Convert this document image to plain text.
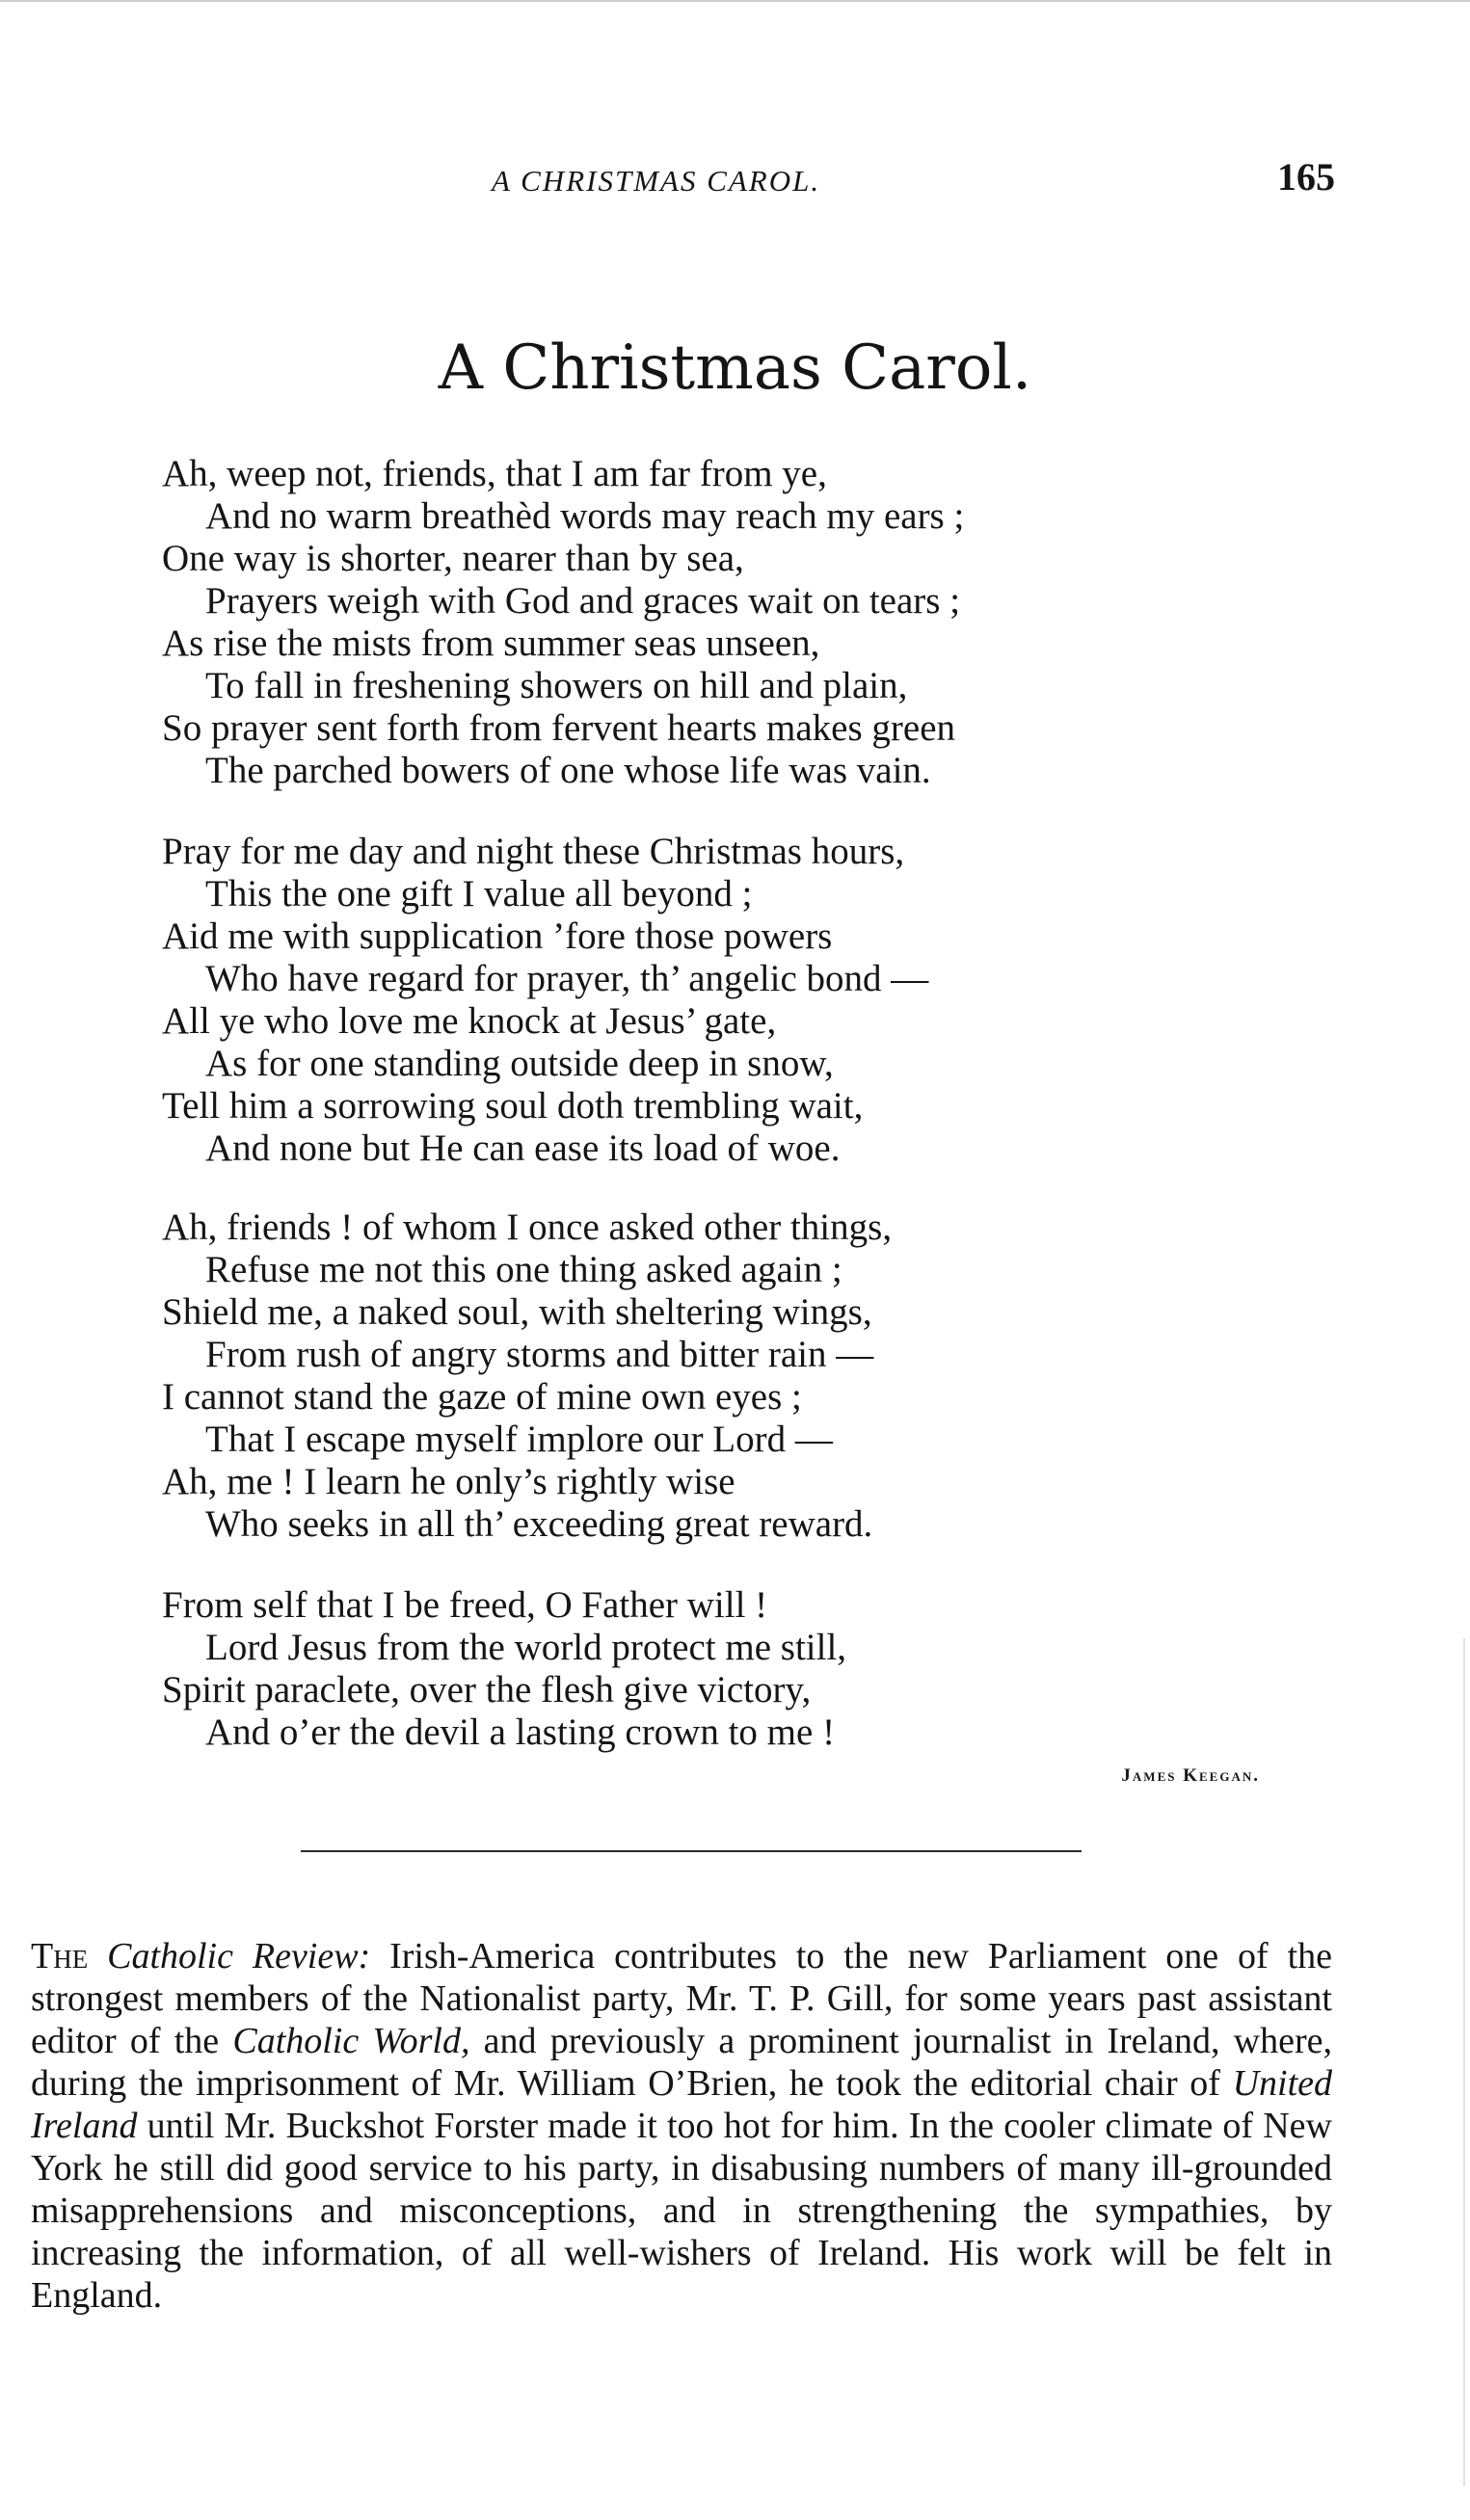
A CHRISTMAS CAROL.	165
A Christmas Carol.
Ah, weep not, friends, that I am far from ye,
And no warm breathèd words may reach my ears ;
One way is shorter, nearer than by sea,
Prayers weigh with God and graces wait on tears ;
As rise the mists from summer seas unseen,
To fall in freshening showers on hill and plain,
So prayer sent forth from fervent hearts makes green
The parched bowers of one whose life was vain.
Pray for me day and night these Christmas hours,
This the one gift I value all beyond ;
Aid me with supplication ’fore those powers
Who have regard for prayer, th’ angelic bond —
All ye who love me knock at Jesus’ gate,
As for one standing outside deep in snow,
Tell him a sorrowing soul doth trembling wait,
And none but He can ease its load of woe.
Ah, friends ! of whom I once asked other things,
Refuse me not this one thing asked again ;
Shield me, a naked soul, with sheltering wings,
From rush of angry storms and bitter rain —
I cannot stand the gaze of mine own eyes ;
That I escape myself implore our Lord —
Ah, me ! I learn he only’s rightly wise
Who seeks in all th’ exceeding great reward.
From self that I be freed, O Father will !
Lord Jesus from the world protect me still,
Spirit paraclete, over the flesh give victory,
And o’er the devil a lasting crown to me !
James Keegan.

The Catholic Review: Irish-America contributes to the new Parliament one of the strongest members of the Nationalist party, Mr. T. P. Gill, for some years past assistant editor of the Catholic World, and previously a prominent journalist in Ireland, where, during the imprisonment of Mr. William O’Brien, he took the editorial chair of United Ireland until Mr. Buckshot Forster made it too hot for him. In the cooler climate of New York he still did good service to his party, in disabusing numbers of many ill-grounded misapprehensions and misconceptions, and in strengthening the sympathies, by increasing the information, of all well-wishers of Ireland. His work will be felt in England.
